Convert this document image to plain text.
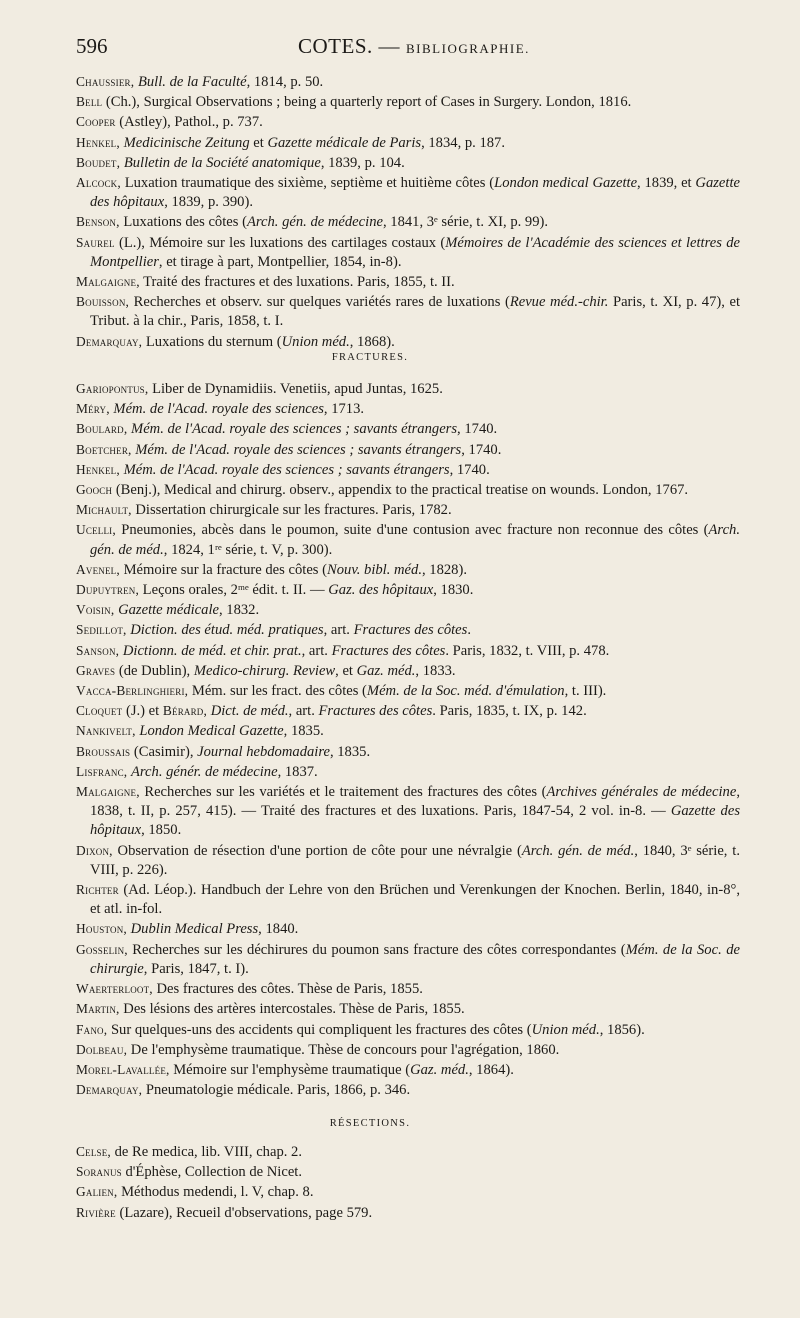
596	COTES. — BIBLIOGRAPHIE.
Chaussier, Bull. de la Faculté, 1814, p. 50.
Bell (Ch.), Surgical Observations ; being a quarterly report of Cases in Surgery. London, 1816.
Cooper (Astley), Pathol., p. 737.
Henkel, Medicinische Zeitung et Gazette médicale de Paris, 1834, p. 187.
Boudet, Bulletin de la Société anatomique, 1839, p. 104.
Alcock, Luxation traumatique des sixième, septième et huitième côtes (London medical Gazette, 1839, et Gazette des hôpitaux, 1839, p. 390).
Benson, Luxations des côtes (Arch. gén. de médecine, 1841, 3ᵉ série, t. XI, p. 99).
Saurel (L.), Mémoire sur les luxations des cartilages costaux (Mémoires de l'Académie des sciences et lettres de Montpellier, et tirage à part, Montpellier, 1854, in-8).
Malgaigne, Traité des fractures et des luxations. Paris, 1855, t. II.
Bouisson, Recherches et observ. sur quelques variétés rares de luxations (Revue méd.-chir. Paris, t. XI, p. 47), et Tribut. à la chir., Paris, 1858, t. I.
Demarquay, Luxations du sternum (Union méd., 1868).
FRACTURES.
Gariopontus, Liber de Dynamidiis. Venetiis, apud Juntas, 1625.
Méry, Mém. de l'Acad. royale des sciences, 1713.
Boulard, Mém. de l'Acad. royale des sciences ; savants étrangers, 1740.
Boetcher, Mém. de l'Acad. royale des sciences ; savants étrangers, 1740.
Henkel, Mém. de l'Acad. royale des sciences ; savants étrangers, 1740.
Gooch (Benj.), Medical and chirurg. observ., appendix to the practical treatise on wounds. London, 1767.
Michault, Dissertation chirurgicale sur les fractures. Paris, 1782.
Ucelli, Pneumonies, abcès dans le poumon, suite d'une contusion avec fracture non reconnue des côtes (Arch. gén. de méd., 1824, 1ʳᵉ série, t. V, p. 300).
Avenel, Mémoire sur la fracture des côtes (Nouv. bibl. méd., 1828).
Dupuytren, Leçons orales, 2ᵐᵉ édit. t. II. — Gaz. des hôpitaux, 1830.
Voisin, Gazette médicale, 1832.
Sedillot, Diction. des étud. méd. pratiques, art. Fractures des côtes.
Sanson, Dictionn. de méd. et chir. prat., art. Fractures des côtes. Paris, 1832, t. VIII, p. 478.
Graves (de Dublin), Medico-chirurg. Review, et Gaz. méd., 1833.
Vacca-Berlinghieri, Mém. sur les fract. des côtes (Mém. de la Soc. méd. d'émulation, t. III).
Cloquet (J.) et Bérard, Dict. de méd., art. Fractures des côtes. Paris, 1835, t. IX, p. 142.
Nankivelt, London Medical Gazette, 1835.
Broussais (Casimir), Journal hebdomadaire, 1835.
Lisfranc, Arch. génér. de médecine, 1837.
Malgaigne, Recherches sur les variétés et le traitement des fractures des côtes (Archives générales de médecine, 1838, t. II, p. 257, 415). — Traité des fractures et des luxations. Paris, 1847-54, 2 vol. in-8. — Gazette des hôpitaux, 1850.
Dixon, Observation de résection d'une portion de côte pour une névralgie (Arch. gén. de méd., 1840, 3ᵉ série, t. VIII, p. 226).
Richter (Ad. Léop.). Handbuch der Lehre von den Brüchen und Verenkungen der Knochen. Berlin, 1840, in-8°, et atl. in-fol.
Houston, Dublin Medical Press, 1840.
Gosselin, Recherches sur les déchirures du poumon sans fracture des côtes correspondantes (Mém. de la Soc. de chirurgie, Paris, 1847, t. I).
Waerterloot, Des fractures des côtes. Thèse de Paris, 1855.
Martin, Des lésions des artères intercostales. Thèse de Paris, 1855.
Fano, Sur quelques-uns des accidents qui compliquent les fractures des côtes (Union méd., 1856).
Dolbeau, De l'emphysème traumatique. Thèse de concours pour l'agrégation, 1860.
Morel-Lavallée, Mémoire sur l'emphysème traumatique (Gaz. méd., 1864).
Demarquay, Pneumatologie médicale. Paris, 1866, p. 346.
RÉSECTIONS.
Celse, de Re medica, lib. VIII, chap. 2.
Soranus d'Éphèse, Collection de Nicet.
Galien, Méthodus medendi, l. V, chap. 8.
Rivière (Lazare), Recueil d'observations, page 579.
